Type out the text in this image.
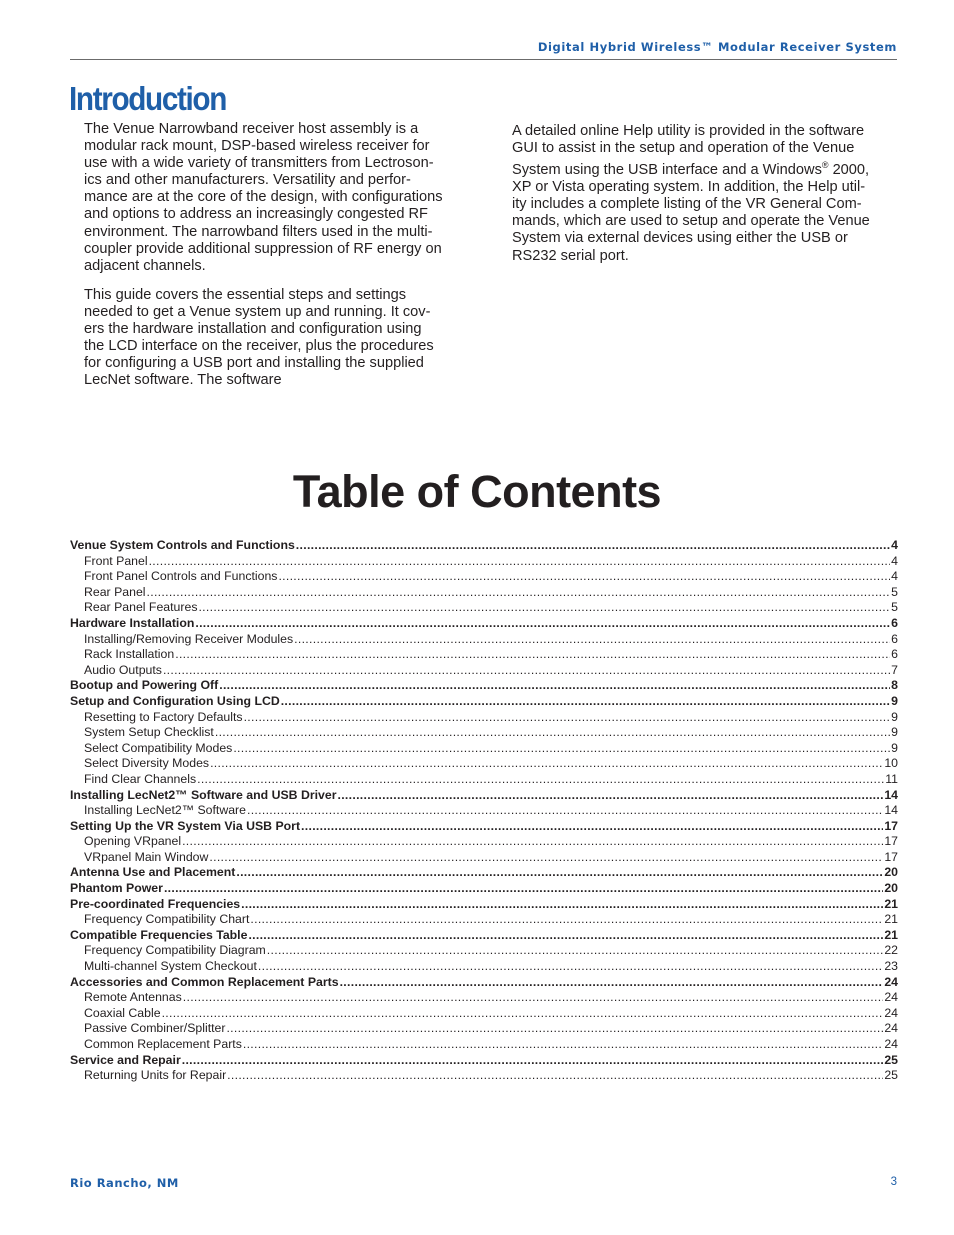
Digital Hybrid Wireless™ Modular Receiver System
Introduction

The Venue Narrowband receiver host assembly is a
modular rack mount, DSP-based wireless receiver for
use with a wide variety of transmitters from Lectroson-
ics and other manufacturers. Versatility and perfor-
mance are at the core of the design, with configurations
and options to address an increasingly congested RF
environment. The narrowband filters used in the multi-
coupler provide additional suppression of RF energy on
adjacent channels.

This guide covers the essential steps and settings
needed to get a Venue system up and running. It cov-
ers the hardware installation and configuration using
the LCD interface on the receiver, plus the procedures
for configuring a USB port and installing the supplied
LecNet software. The software

A detailed online Help utility is provided in the software
GUI to assist in the setup and operation of the Venue
System using the USB interface and a Windows® 2000,
XP or Vista operating system. In addition, the Help util-
ity includes a complete listing of the VR General Com-
mands, which are used to setup and operate the Venue
System via external devices using either the USB or
RS232 serial port.

Table of Contents
Venue System Controls and Functions .....	4
Front Panel .....	4
Front Panel Controls and Functions .....	4
Rear Panel .....	5
Rear Panel Features .....	5
Hardware Installation .....	6
Installing/Removing Receiver Modules .....	6
Rack Installation .....	6
Audio Outputs .....	7
Bootup and Powering Off .....	8
Setup and Configuration Using LCD .....	9
Resetting to Factory Defaults .....	9
System Setup Checklist .....	9
Select Compatibility Modes .....	9
Select Diversity Modes .....	10
Find Clear Channels .....	11
Installing LecNet2™ Software and USB Driver .....	14
Installing LecNet2™ Software .....	14
Setting Up the VR System Via USB Port .....	17
Opening VRpanel .....	17
VRpanel Main Window .....	17
Antenna Use and Placement .....	20
Phantom Power .....	20
Pre-coordinated Frequencies .....	21
Frequency Compatibility Chart .....	21
Compatible Frequencies Table .....	21
Frequency Compatibility Diagram .....	22
Multi-channel System Checkout .....	23
Accessories and Common Replacement Parts .....	24
Remote Antennas .....	24
Coaxial Cable .....	24
Passive Combiner/Splitter .....	24
Common Replacement Parts .....	24
Service and Repair .....	25
Returning Units for Repair .....	25
Rio Rancho, NM	3
